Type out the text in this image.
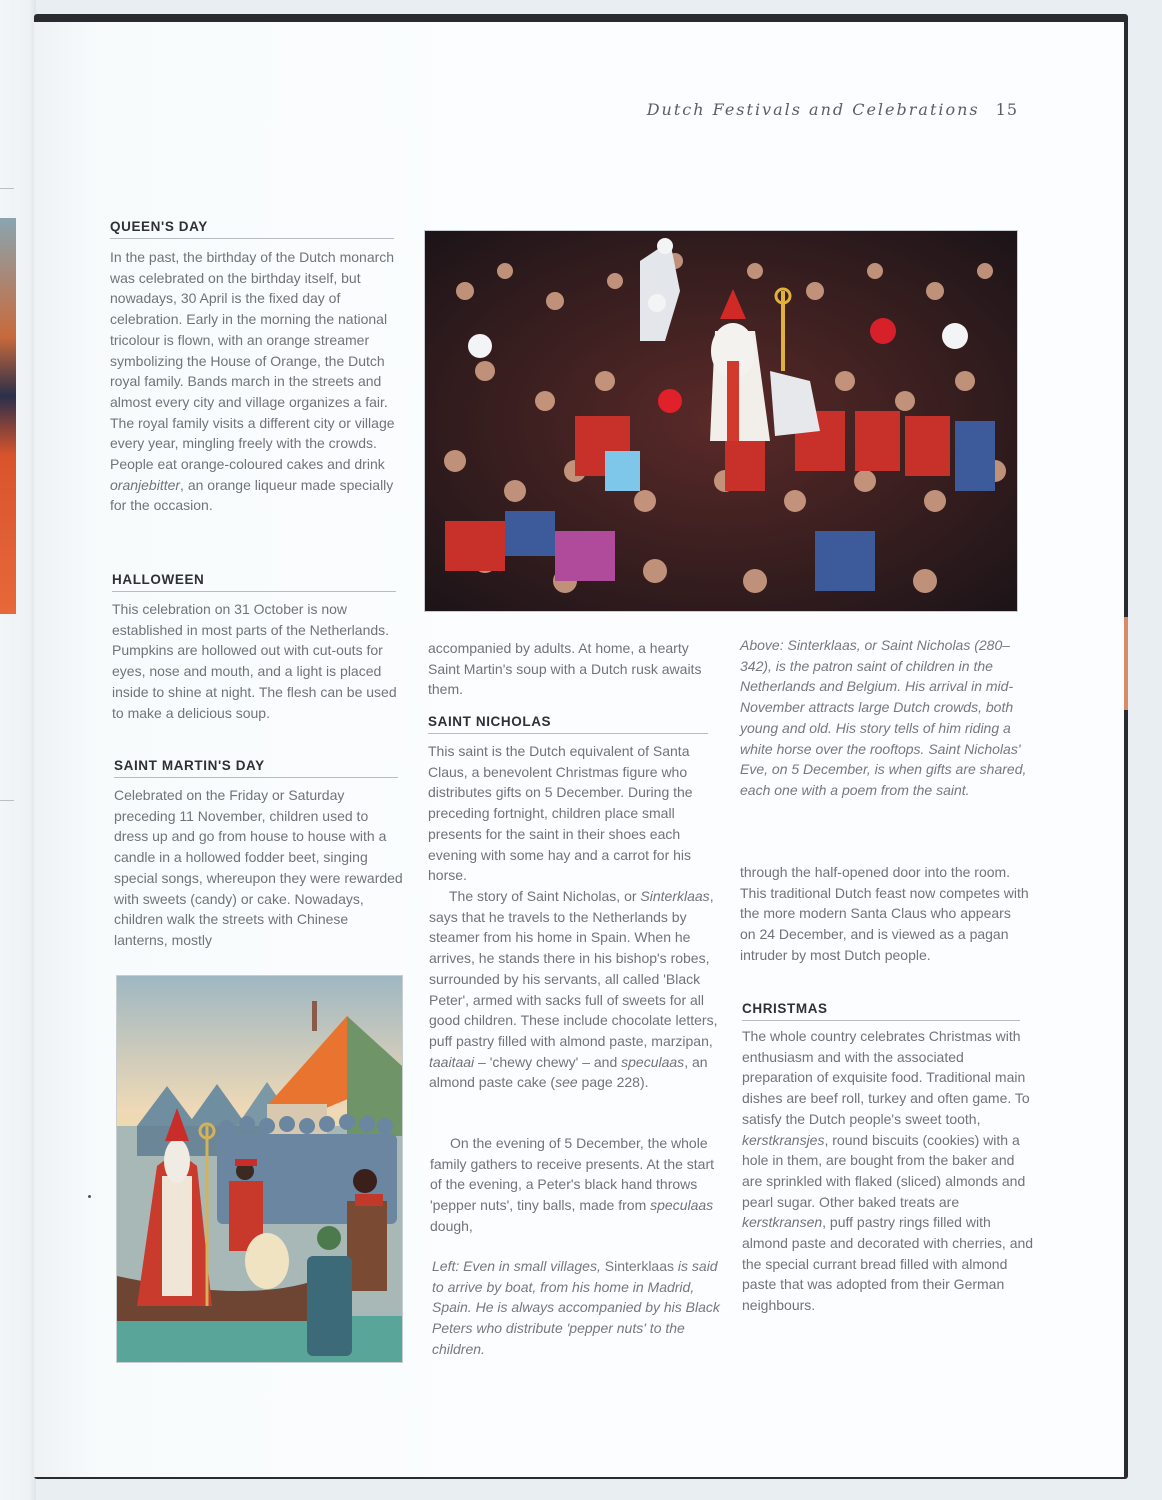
Dutch Festivals and Celebrations 15
QUEEN'S DAY

In the past, the birthday of the Dutch monarch was celebrated on the birthday itself, but nowadays, 30 April is the fixed day of celebration. Early in the morning the national tricolour is flown, with an orange streamer symbolizing the House of Orange, the Dutch royal family. Bands march in the streets and almost every city and village organizes a fair. The royal family visits a different city or village every year, mingling freely with the crowds. People eat orange-coloured cakes and drink oranjebitter, an orange liqueur made specially for the occasion.

HALLOWEEN

This celebration on 31 October is now established in most parts of the Netherlands. Pumpkins are hollowed out with cut-outs for eyes, nose and mouth, and a light is placed inside to shine at night. The flesh can be used to make a delicious soup.

SAINT MARTIN'S DAY

Celebrated on the Friday or Saturday preceding 11 November, children used to dress up and go from house to house with a candle in a hollowed fodder beet, singing special songs, whereupon they were rewarded with sweets (candy) or cake. Nowadays, children walk the streets with Chinese lanterns, mostly

accompanied by adults. At home, a hearty Saint Martin's soup with a Dutch rusk awaits them.

SAINT NICHOLAS

This saint is the Dutch equivalent of Santa Claus, a benevolent Christmas figure who distributes gifts on 5 December. During the preceding fortnight, children place small presents for the saint in their shoes each evening with some hay and a carrot for his horse.

The story of Saint Nicholas, or Sinterklaas, says that he travels to the Netherlands by steamer from his home in Spain. When he arrives, he stands there in his bishop's robes, surrounded by his servants, all called 'Black Peter', armed with sacks full of sweets for all good children. These include chocolate letters, puff pastry filled with almond paste, marzipan, taaitaai – 'chewy chewy' – and speculaas, an almond paste cake (see page 228).

On the evening of 5 December, the whole family gathers to receive presents. At the start of the evening, a Peter's black hand throws 'pepper nuts', tiny balls, made from speculaas dough,

Left: Even in small villages, Sinterklaas is said to arrive by boat, from his home in Madrid, Spain. He is always accompanied by his Black Peters who distribute 'pepper nuts' to the children.

Above: Sinterklaas, or Saint Nicholas (280–342), is the patron saint of children in the Netherlands and Belgium. His arrival in mid-November attracts large Dutch crowds, both young and old. His story tells of him riding a white horse over the rooftops. Saint Nicholas' Eve, on 5 December, is when gifts are shared, each one with a poem from the saint.

through the half-opened door into the room. This traditional Dutch feast now competes with the more modern Santa Claus who appears on 24 December, and is viewed as a pagan intruder by most Dutch people.

CHRISTMAS

The whole country celebrates Christmas with enthusiasm and with the associated preparation of exquisite food. Traditional main dishes are beef roll, turkey and often game. To satisfy the Dutch people's sweet tooth, kerstkransjes, round biscuits (cookies) with a hole in them, are bought from the baker and are sprinkled with flaked (sliced) almonds and pearl sugar. Other baked treats are kerstkransen, puff pastry rings filled with almond paste and decorated with cherries, and the special currant bread filled with almond paste that was adopted from their German neighbours.
